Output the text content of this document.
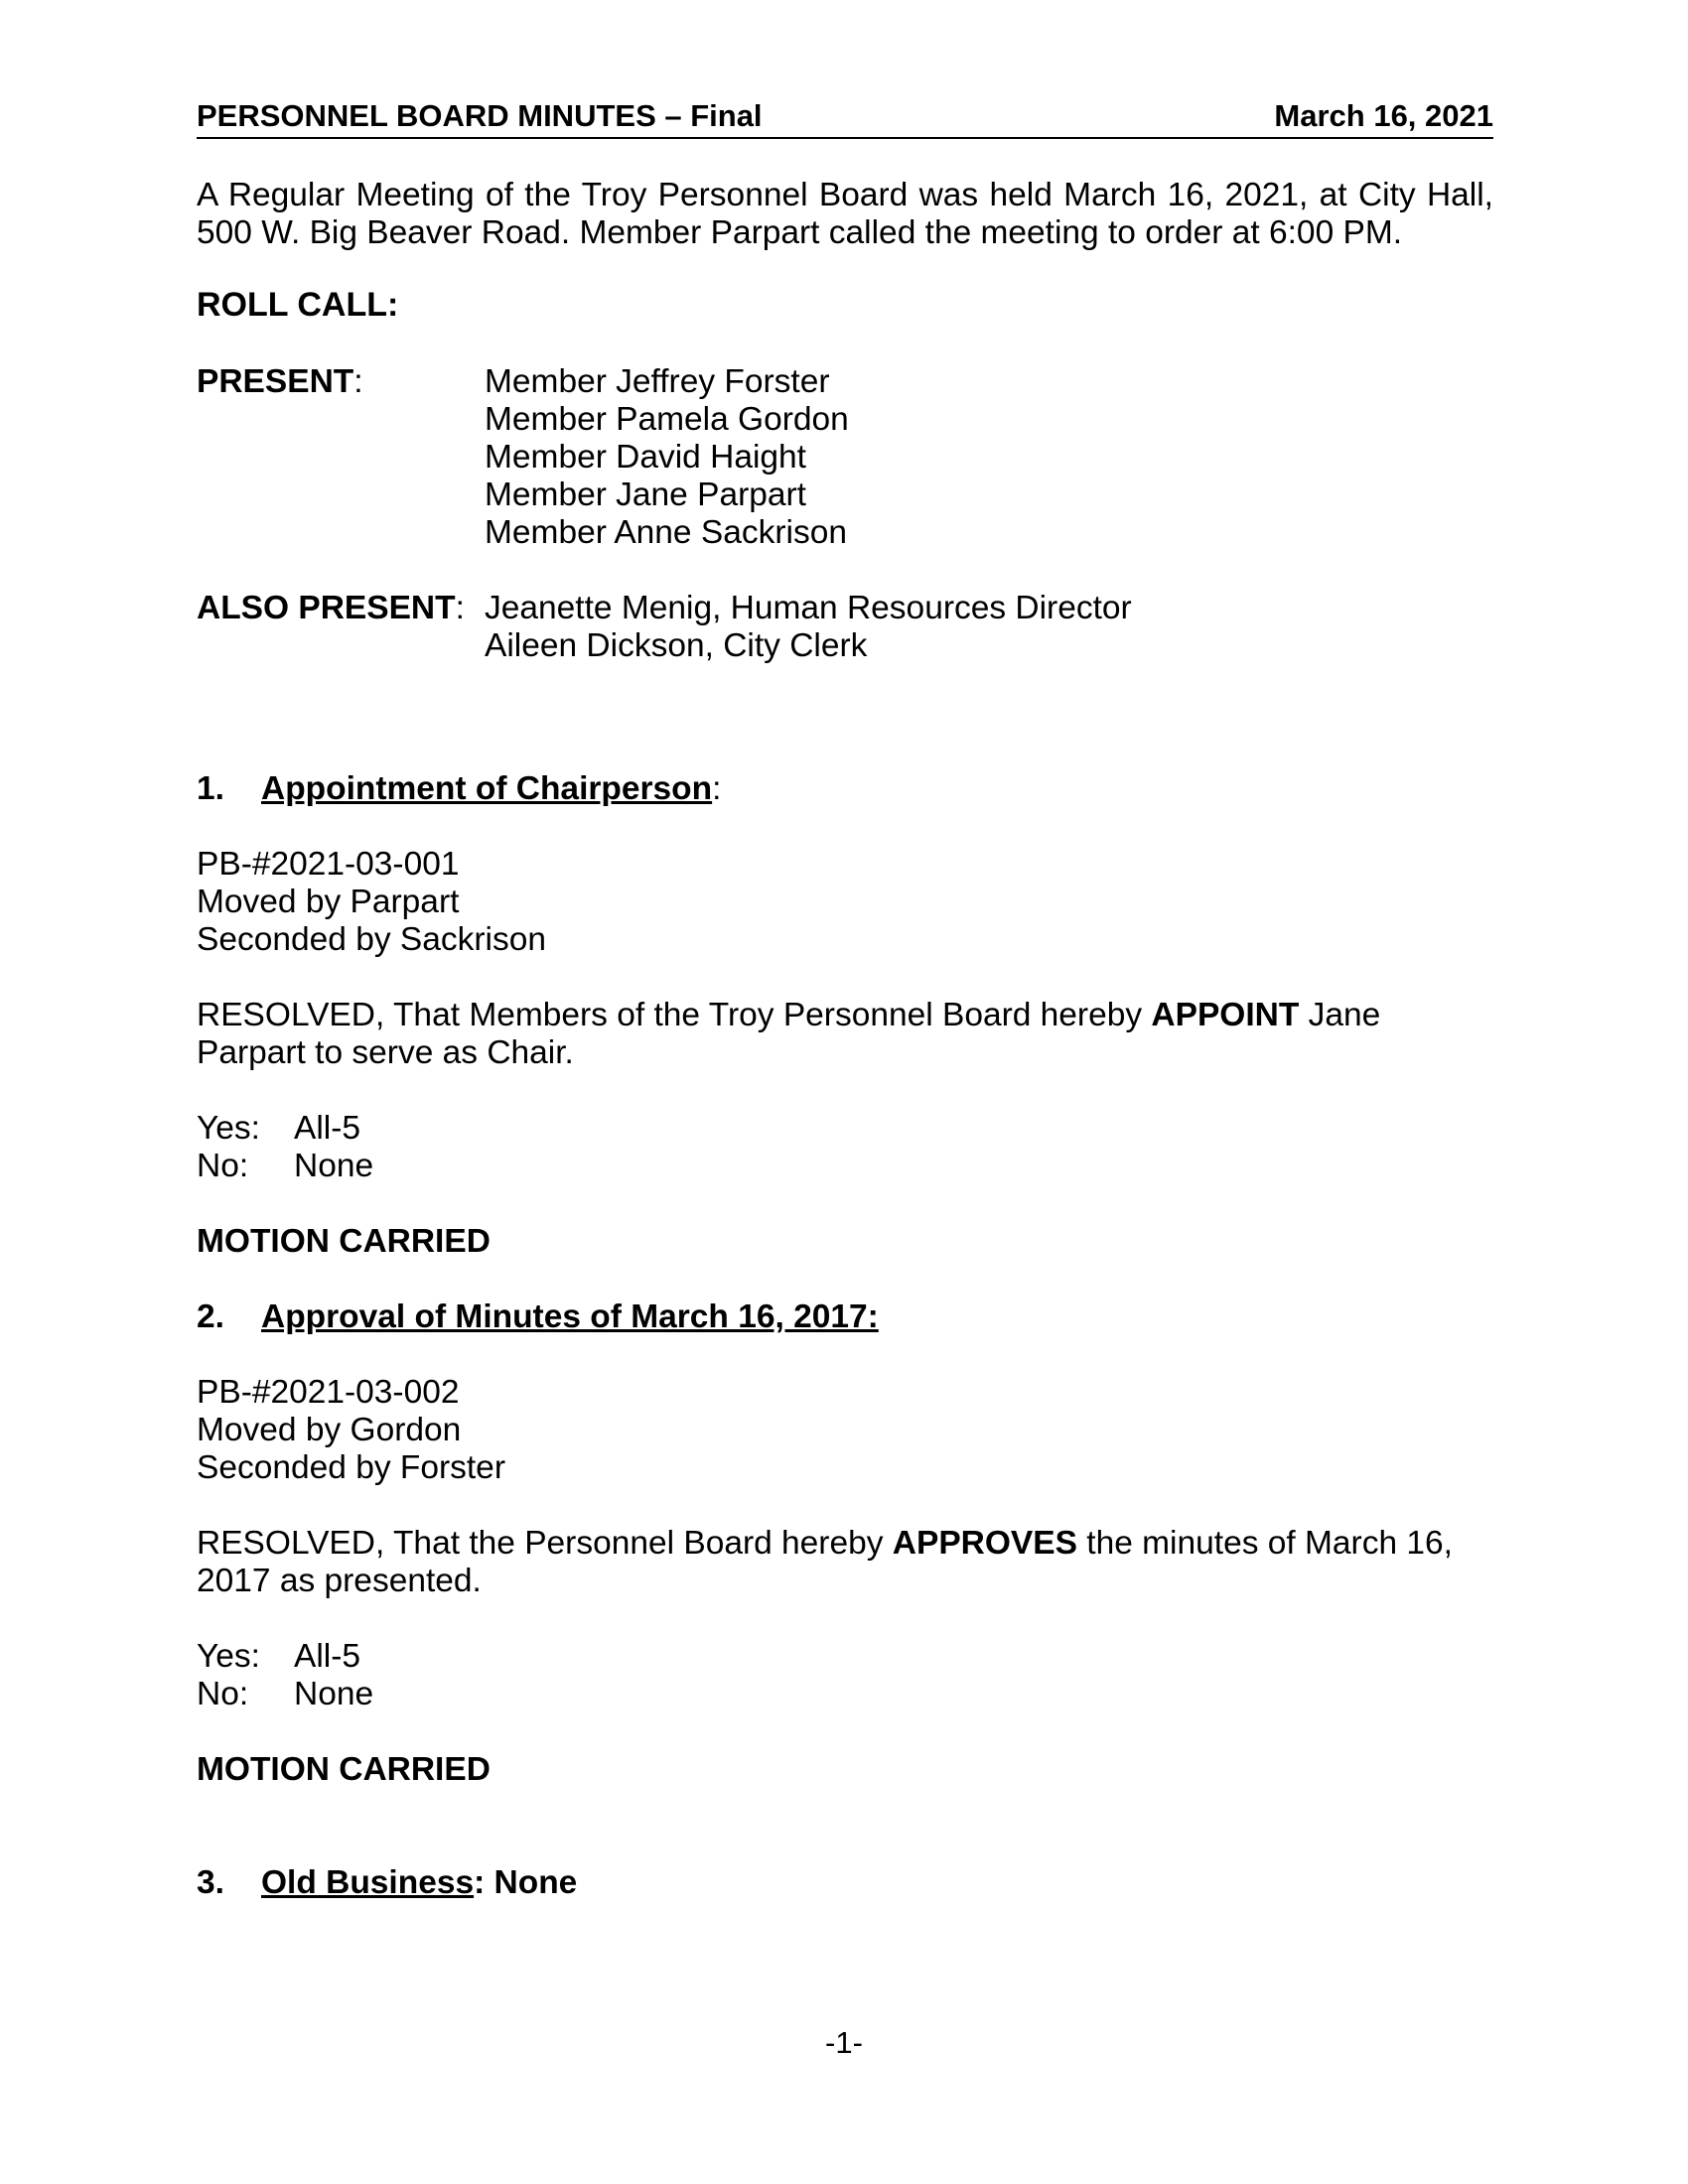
PERSONNEL BOARD MINUTES – Final	March 16, 2021
A Regular Meeting of the Troy Personnel Board was held March 16, 2021, at City Hall, 500 W. Big Beaver Road. Member Parpart called the meeting to order at 6:00 PM.
ROLL CALL:
PRESENT:	Member Jeffrey Forster
Member Pamela Gordon
Member David Haight
Member Jane Parpart
Member Anne Sackrison
ALSO PRESENT: Jeanette Menig, Human Resources Director
Aileen Dickson, City Clerk
1.	Appointment of Chairperson:
PB-#2021-03-001
Moved by Parpart
Seconded by Sackrison
RESOLVED, That Members of the Troy Personnel Board hereby APPOINT Jane Parpart to serve as Chair.
Yes:	All-5
No:	None
MOTION CARRIED
2.	Approval of Minutes of March 16, 2017:
PB-#2021-03-002
Moved by Gordon
Seconded by Forster
RESOLVED, That the Personnel Board hereby APPROVES the minutes of March 16, 2017 as presented.
Yes:	All-5
No:	None
MOTION CARRIED
3.	Old Business: None
-1-
